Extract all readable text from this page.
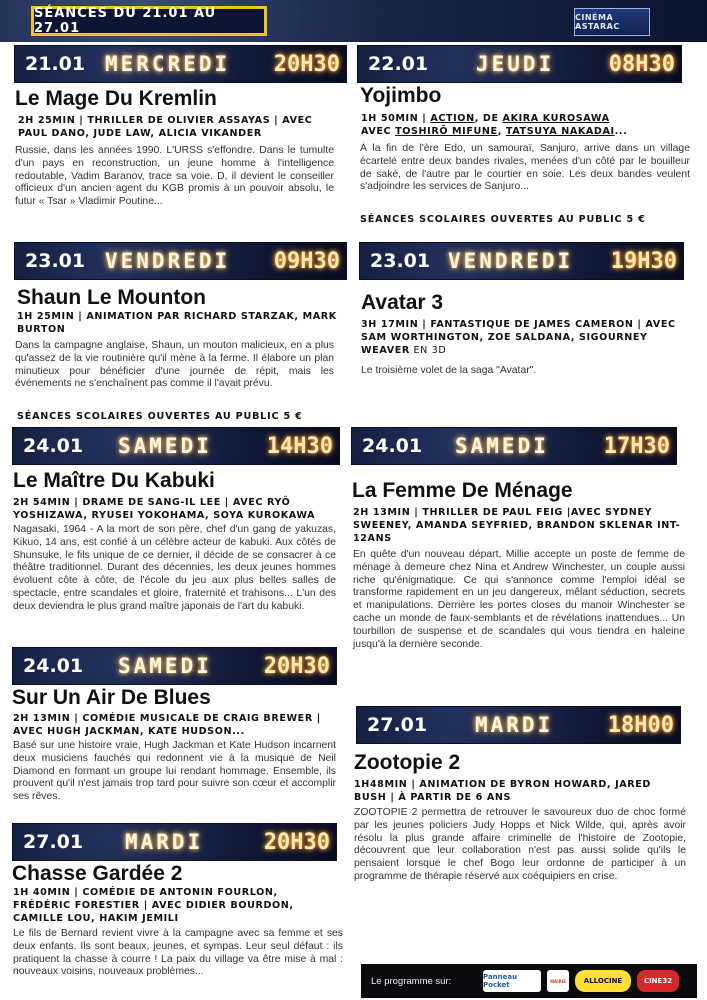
SÉANCES DU 21.01 AU 27.01
CINÉMA ASTARAC
21.01 MERCREDI 20H30
Le Mage Du Kremlin
2H 25MIN | THRILLER DE OLIVIER ASSAYAS | AVEC PAUL DANO, JUDE LAW, ALICIA VIKANDER
Russie, dans les années 1990. L'URSS s'effondre. Dans le tumulte d'un pays en reconstruction, un jeune homme à l'intelligence redoutable, Vadim Baranov, trace sa voie. D, il devient le conseiller officieux d'un ancien agent du KGB promis à un pouvoir absolu, le futur « Tsar » Vladimir Poutine...
22.01 JEUDI 08H30
Yojimbo
1H 50MIN | ACTION, DE AKIRA KUROSAWA
AVEC TOSHIRŌ MIFUNE, TATSUYA NAKADAI...
À la fin de l'ère Edo, un samouraï, Sanjuro, arrive dans un village écartelé entre deux bandes rivales, menées d'un côté par le bouilleur de saké, de l'autre par le courtier en soie. Les deux bandes veulent s'adjoindre les services de Sanjuro...
SÉANCES SCOLAIRES OUVERTES AU PUBLIC 5 €
23.01 VENDREDI 09H30
Shaun Le Mounton
1H 25MIN | ANIMATION PAR RICHARD STARZAK, MARK BURTON
Dans la campagne anglaise, Shaun, un mouton malicieux, en a plus qu'assez de la vie routinière qu'il mène à la ferme. Il élabore un plan minutieux pour bénéficier d'une journée de répit, mais les événements ne s'enchaînent pas comme il l'avait prévu.
SÉANCES SCOLAIRES OUVERTES AU PUBLIC 5 €
23.01 VENDREDI 19H30
Avatar 3
3H 17MIN | FANTASTIQUE DE JAMES CAMERON | AVEC SAM WORTHINGTON, ZOE SALDANA, SIGOURNEY WEAVER EN 3D
Le troisième volet de la saga "Avatar".
24.01 SAMEDI 14H30
Le Maître Du Kabuki
2H 54MIN | DRAME DE SANG-IL LEE | AVEC RYÔ YOSHIZAWA, RYUSEI YOKOHAMA, SOYA KUROKAWA
Nagasaki, 1964 - A la mort de son père, chef d'un gang de yakuzas, Kikuo, 14 ans, est confié à un célèbre acteur de kabuki. Aux côtés de Shunsuke, le fils unique de ce dernier, il décide de se consacrer à ce théâtre traditionnel. Durant des décennies, les deux jeunes hommes évoluent côte à côte, de l'école du jeu aux plus belles salles de spectacle, entre scandales et gloire, fraternité et trahisons... L'un des deux deviendra le plus grand maître japonais de l'art du kabuki.
24.01 SAMEDI 17H30
La Femme De Ménage
2H 13MIN | THRILLER DE PAUL FEIG |AVEC SYDNEY SWEENEY, AMANDA SEYFRIED, BRANDON SKLENAR INT-12ANS
En quête d'un nouveau départ, Millie accepte un poste de femme de ménage à demeure chez Nina et Andrew Winchester, un couple aussi riche qu'énigmatique. Ce qui s'annonce comme l'emploi idéal se transforme rapidement en un jeu dangereux, mêlant séduction, secrets et manipulations. Derrière les portes closes du manoir Winchester se cache un monde de faux-semblants et de révélations inattendues... Un tourbillon de suspense et de scandales qui vous tiendra en haleine jusqu'à la dernière seconde.
24.01 SAMEDI 20H30
Sur Un Air De Blues
2H 13MIN | COMÉDIE MUSICALE DE CRAIG BREWER | AVEC HUGH JACKMAN, KATE HUDSON...
Basé sur une histoire vraie, Hugh Jackman et Kate Hudson incarnent deux musiciens fauchés qui redonnent vie à la musique de Neil Diamond en formant un groupe lui rendant hommage. Ensemble, ils prouvent qu'il n'est jamais trop tard pour suivre son cœur et accomplir ses rêves.
27.01 MARDI 18H00
Zootopie 2
1H48MIN | ANIMATION DE BYRON HOWARD, JARED BUSH | À PARTIR DE 6 ANS
ZOOTOPIE 2 permettra de retrouver le savoureux duo de choc formé par les jeunes policiers Judy Hopps et Nick Wilde, qui, après avoir résolu la plus grande affaire criminelle de l'histoire de Zootopie, découvrent que leur collaboration n'est pas aussi solide qu'ils le pensaient lorsque le chef Bogo leur ordonne de participer à un programme de thérapie réservé aux coéquipiers en crise.
27.01 MARDI	20H30
Chasse Gardée 2
1H 40MIN | COMÉDIE DE ANTONIN FOURLON, FRÉDÉRIC FORESTIER | AVEC DIDIER BOURDON, CAMILLE LOU, HAKIM JEMILI
Le fils de Bernard revient vivre à la campagne avec sa femme et ses deux enfants. Ils sont beaux, jeunes, et sympas. Leur seul défaut : ils pratiquent la chasse à courre ! La paix du village va être mise à mal : nouveaux voisins, nouveaux problèmes...
Le programme sur:	Panneau Pocket	MAIRIE	ALLOCINE	CINE32
